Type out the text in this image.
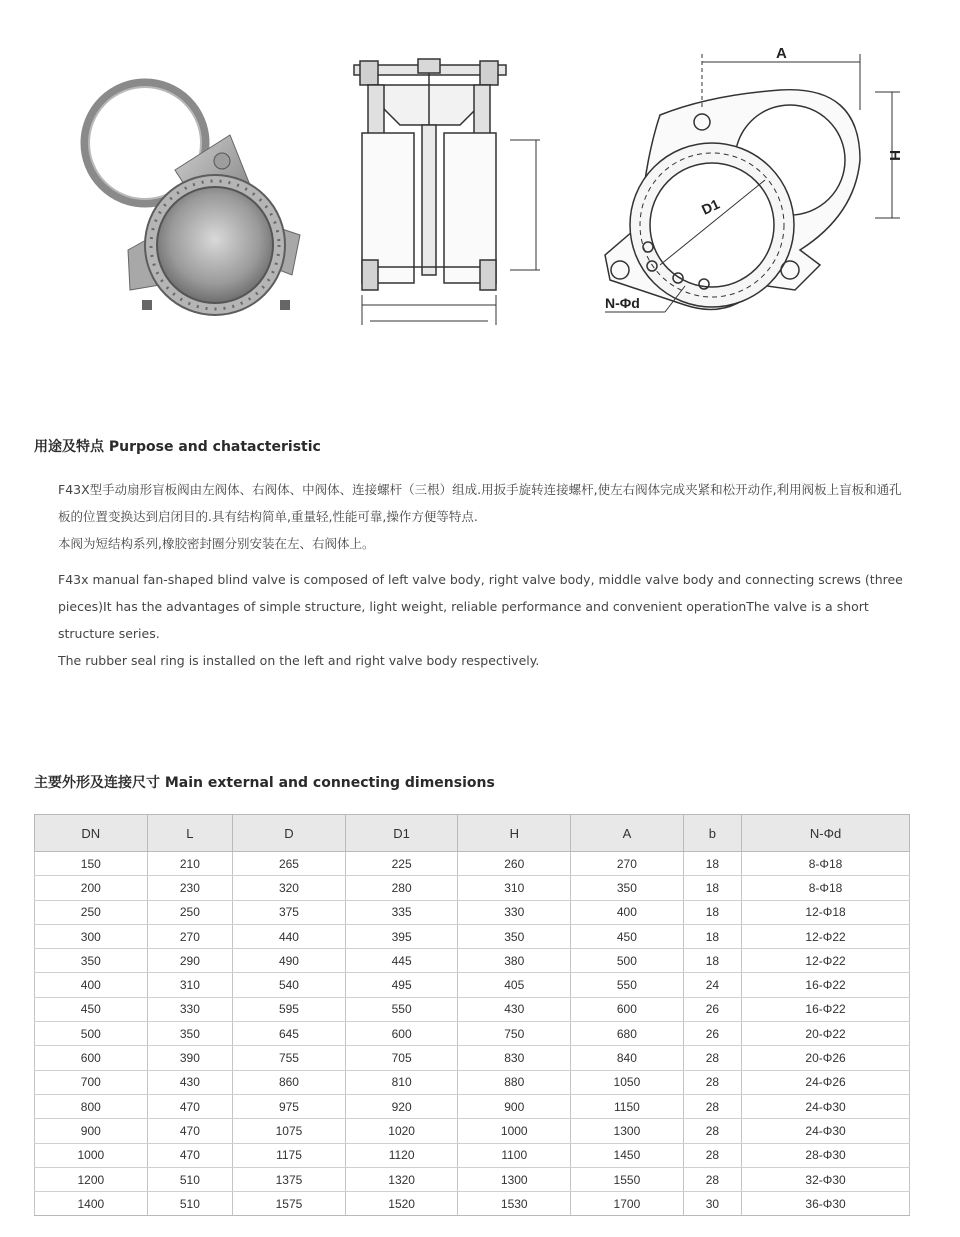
A
H
D1
N-Φd
用途及特点 Purpose and chatacteristic

F43X型手动扇形盲板阀由左阀体、右阀体、中阀体、连接螺杆（三根）组成.用扳手旋转连接螺杆,使左右阀体完成夹紧和松开动作,利用阀板上盲板和通孔板的位置变换达到启闭目的.具有结构简单,重量轻,性能可靠,操作方便等特点.

本阀为短结构系列,橡胶密封圈分别安装在左、右阀体上。

F43x manual fan-shaped blind valve is composed of left valve body, right valve body, middle valve body and connecting screws (three pieces)It has the advantages of simple structure, light weight, reliable performance and convenient operationThe valve is a short structure series.

The rubber seal ring is installed on the left and right valve body respectively.

主要外形及连接尺寸 Main external and connecting dimensions
DN	L	D	D1	H	A	b	N-Φd
150	210	265	225	260	270	18	8-Φ18
200	230	320	280	310	350	18	8-Φ18
250	250	375	335	330	400	18	12-Φ18
300	270	440	395	350	450	18	12-Φ22
350	290	490	445	380	500	18	12-Φ22
400	310	540	495	405	550	24	16-Φ22
450	330	595	550	430	600	26	16-Φ22
500	350	645	600	750	680	26	20-Φ22
600	390	755	705	830	840	28	20-Φ26
700	430	860	810	880	1050	28	24-Φ26
800	470	975	920	900	1150	28	24-Φ30
900	470	1075	1020	1000	1300	28	24-Φ30
1000	470	1175	1120	1100	1450	28	28-Φ30
1200	510	1375	1320	1300	1550	28	32-Φ30
1400	510	1575	1520	1530	1700	30	36-Φ30
